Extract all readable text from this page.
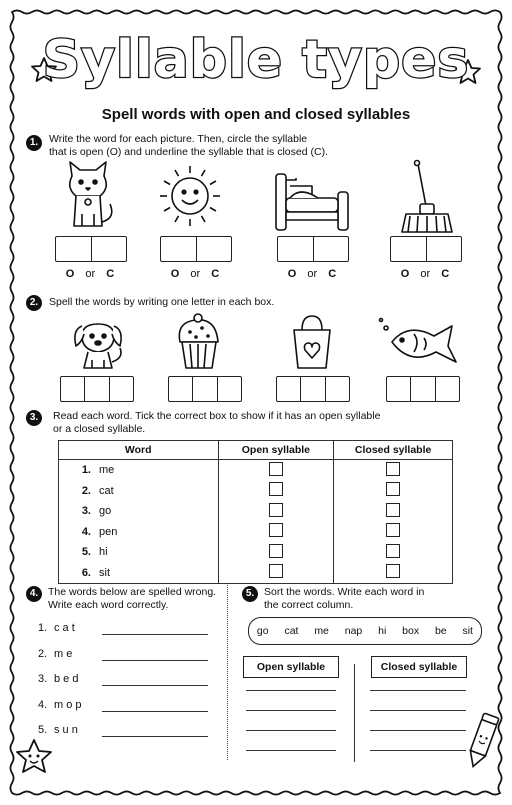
Syllable types
Spell words with open and closed syllables
1.	Write the word for each picture. Then, circle the syllable
that is open (O) and underline the syllable that is closed (C).
O or C	O or C	O or C	O or C
2.	Spell the words by writing one letter in each box.
3.	Read each word. Tick the correct box to show if it has an open syllable
or a closed syllable.
Word	Open syllable	Closed syllable
1. me		
2. cat		
3. go		
4. pen		
5. hi		
6. sit		
4. The words below are spelled wrong.
Write each word correctly.
1. c a t
2. m e
3. b e d
4. m o p
5. s u n
5. Sort the words. Write each word in
the correct column.
go cat me nap hi box be sit
Open syllable	Closed syllable
